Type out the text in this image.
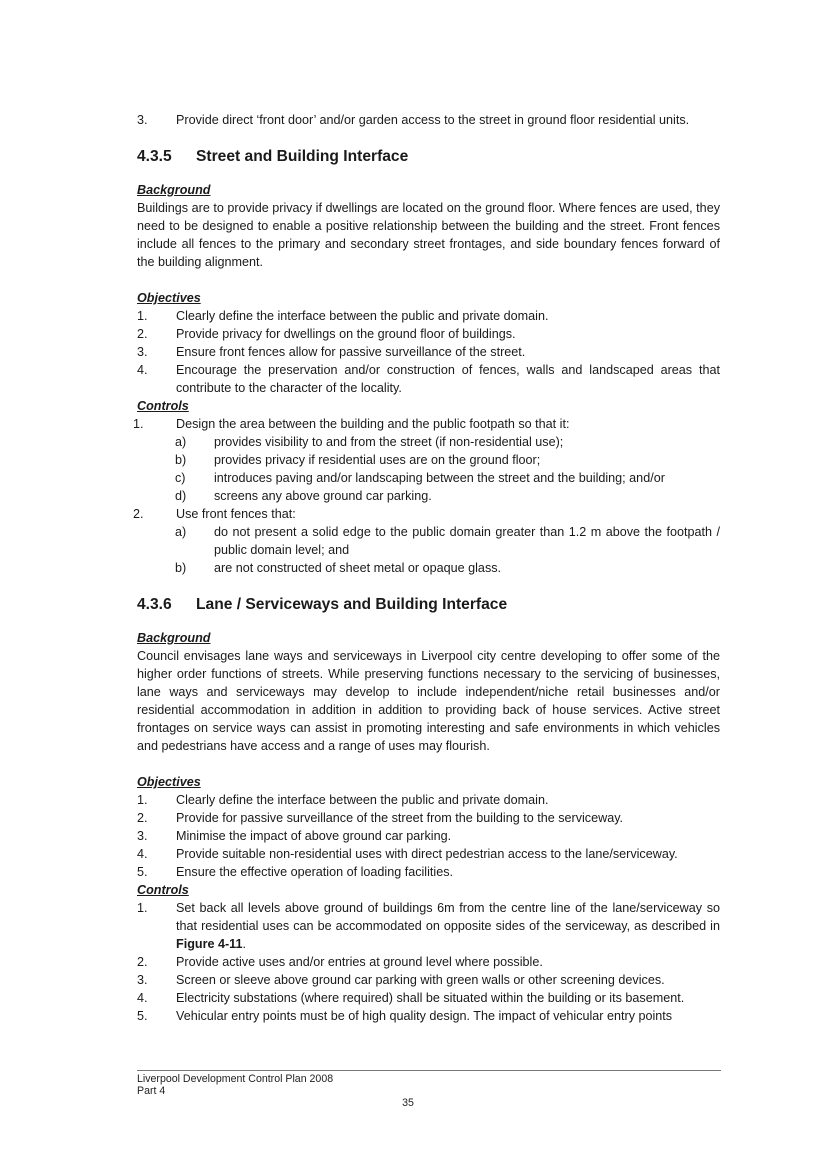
3. Provide direct ‘front door’ and/or garden access to the street in ground floor residential units.
4.3.5 Street and Building Interface

Background

Buildings are to provide privacy if dwellings are located on the ground floor. Where fences are used, they need to be designed to enable a positive relationship between the building and the street. Front fences include all fences to the primary and secondary street frontages, and side boundary fences forward of the building alignment.

Objectives

1. Clearly define the interface between the public and private domain.
2. Provide privacy for dwellings on the ground floor of buildings.
3. Ensure front fences allow for passive surveillance of the street.
4. Encourage the preservation and/or construction of fences, walls and landscaped areas that contribute to the character of the locality.

Controls

1.	Design the area between the building and the public footpath so that it:
a) provides visibility to and from the street (if non-residential use);
b) provides privacy if residential uses are on the ground floor;
c) introduces paving and/or landscaping between the street and the building; and/or
d) screens any above ground car parking.
2.	Use front fences that:
a) do not present a solid edge to the public domain greater than 1.2 m above the footpath / public domain level; and
b) are not constructed of sheet metal or opaque glass.
4.3.6 Lane / Serviceways and Building Interface

Background

Council envisages lane ways and serviceways in Liverpool city centre developing to offer some of the higher order functions of streets. While preserving functions necessary to the servicing of businesses, lane ways and serviceways may develop to include independent/niche retail businesses and/or residential accommodation in addition in addition to providing back of house services. Active street frontages on service ways can assist in promoting interesting and safe environments in which vehicles and pedestrians have access and a range of uses may flourish.

Objectives

1. Clearly define the interface between the public and private domain.
2. Provide for passive surveillance of the street from the building to the serviceway.
3. Minimise the impact of above ground car parking.
4. Provide suitable non-residential uses with direct pedestrian access to the lane/serviceway.
5. Ensure the effective operation of loading facilities.

Controls

1. Set back all levels above ground of buildings 6m from the centre line of the lane/serviceway so that residential uses can be accommodated on opposite sides of the serviceway, as described in Figure 4-11.
2. Provide active uses and/or entries at ground level where possible.
3. Screen or sleeve above ground car parking with green walls or other screening devices.
4. Electricity substations (where required) shall be situated within the building or its basement.
5. Vehicular entry points must be of high quality design. The impact of vehicular entry points
Liverpool Development Control Plan 2008
Part 4
35
